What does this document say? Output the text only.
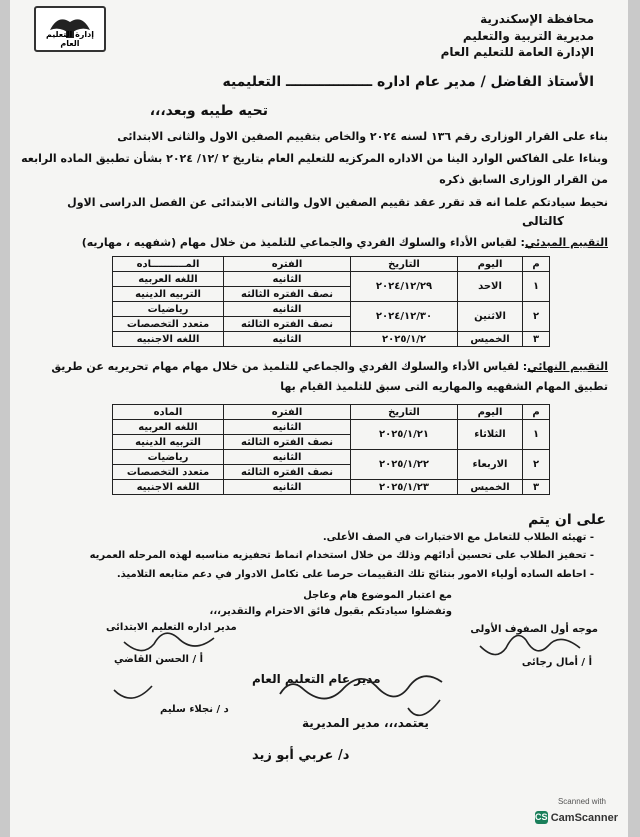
إدارة التعليم العام
محافظة الإسكندرية
مديرية التربية والتعليم
الإدارة العامة للتعليم العام
الأستاذ الفاضل / مدير عام اداره ــــــــــــــــــ التعليميه
تحيه طيبه وبعد،،،
بناء على القرار الوزارى رقم ١٣٦ لسنه ٢٠٢٤ والخاص بتقييم الصفين الاول والثانى الابتدائى
وبناءا على الفاكس الوارد الينا من الاداره المركزيه للتعليم العام بتاريخ ٢ /١٢/ ٢٠٢٤ بشأن تطبيق الماده الرابعه
من القرار الوزارى السابق ذكره
نحيط سيادتكم علما انه قد تقرر عقد تقييم الصفين الاول والثانى الابتدائى عن الفصل الدراسى الاول
كالتالى
التقييم المبدئي: لقياس الأداء والسلوك الفردي والجماعي للتلميذ من خلال مهام (شفهيه ، مهاريه)
م	اليوم	التاريخ	الفتره	المــــــــــاده
١	الاحد	٢٠٢٤/١٢/٢٩	الثانيه	اللغه العربيه
			نصف الفتره الثالثه	التربيه الدينيه
٢	الاثنين	٢٠٢٤/١٢/٣٠	الثانيه	رياضيات
			نصف الفتره الثالثه	متعدد التخصصات
٣	الخميس	٢٠٢٥/١/٢	الثانيه	اللغه الاجنبيه
التقييم النهائي: لقياس الأداء والسلوك الفردي والجماعي للتلميذ من خلال مهام مهام تحريريه عن طريق
تطبيق المهام الشفهيه والمهاريه التى سبق للتلميذ القيام بها
م	اليوم	التاريخ	الفتره	الماده
١	الثلاثاء	٢٠٢٥/١/٢١	الثانيه	اللغه العربيه
			نصف الفتره الثالثه	التربيه الدينيه
٢	الاربعاء	٢٠٢٥/١/٢٢	الثانيه	رياضيات
			نصف الفتره الثالثه	متعدد التخصصات
٣	الخميس	٢٠٢٥/١/٢٣	الثانيه	اللغه الاجنبيه
على ان يتم
- تهيئه الطلاب للتعامل مع الاختبارات في الصف الأعلى.
- تحفيز الطلاب على تحسين أدائهم وذلك من خلال استخدام انماط تحفيزيه مناسبه لهذه المرحله العمريه
- احاطه الساده أولياء الامور بنتائج تلك التقييمات حرصا على تكامل الادوار في دعم متابعه التلاميذ.
مع اعتبار الموضوع هام وعاجل
وتفضلوا سيادتكم بقبول فائق الاحترام والتقدير،،،
موجه أول الصفوف الأولى
أ / أمال رجائى
مدير اداره التعليم الابتدائى
أ / الحسن القاضي
مدير عام التعليم العام
د / نجلاء سليم
يعتمد،،، مدير المديرية
د/ عربي أبو زيد
Scanned with
CS CamScanner
